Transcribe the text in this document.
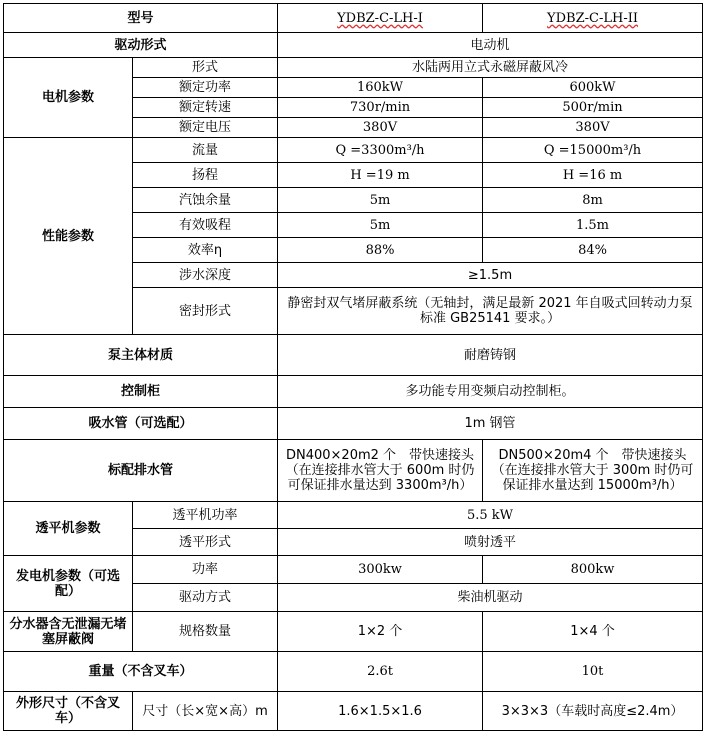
型号		YDBZ-C-LH-I	YDBZ-C-LH-II
驱动形式		电动机	
电机参数	形式	水陆两用立式永磁屏蔽风冷	
	额定功率	160kW	600kW
	额定转速	730r/min	500r/min
	额定电压	380V	380V
性能参数	流量	Q =3300m³/h	Q =15000m³/h
	扬程	H =19 m	H =16 m
	汽蚀余量	5m	8m
	有效吸程	5m	1.5m
	效率η	88%	84%
	涉水深度	≥1.5m	
	密封形式	静密封双气堵屏蔽系统（无轴封，满足最新 2021 年自吸式回转动力泵标准 GB25141 要求。）	
泵主体材质		耐磨铸钢	
控制柜		多功能专用变频启动控制柜。	
吸水管（可选配）		1m 钢管	
标配排水管		DN400×20m2 个　带快速接头（在连接排水管大于 600m 时仍可保证排水量达到 3300m³/h）	DN500×20m4 个　带快速接头（在连接排水管大于 300m 时仍可保证排水量达到 15000m³/h）
透平机参数	透平机功率	5.5 kW	
	透平形式	喷射透平	
发电机参数（可选配）	功率	300kw	800kw
	驱动方式	柴油机驱动	
分水器含无泄漏无堵塞屏蔽阀	规格数量	1×2 个	1×4 个
重量（不含叉车）		2.6t	10t
外形尺寸（不含叉车）	尺寸（长×宽×高）m	1.6×1.5×1.6	3×3×3（车载时高度≤2.4m）
